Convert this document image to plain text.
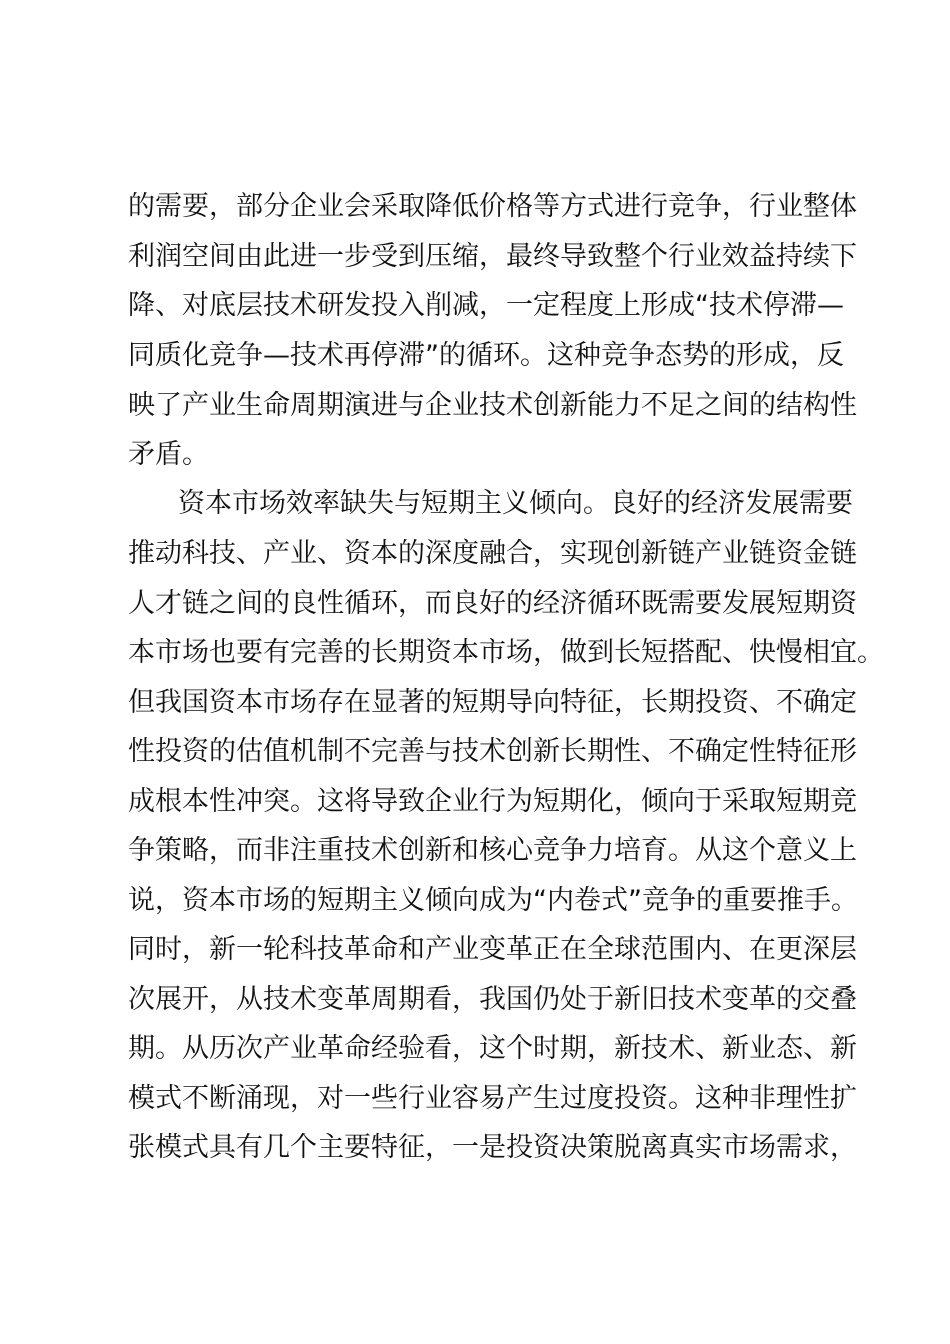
的需要，部分企业会采取降低价格等方式进行竞争，行业整体
利润空间由此进一步受到压缩，最终导致整个行业效益持续下
降、对底层技术研发投入削减，一定程度上形成“技术停滞—
同质化竞争—技术再停滞”的循环。这种竞争态势的形成，反
映了产业生命周期演进与企业技术创新能力不足之间的结构性
矛盾。
资本市场效率缺失与短期主义倾向。良好的经济发展需要
推动科技、产业、资本的深度融合，实现创新链产业链资金链
人才链之间的良性循环，而良好的经济循环既需要发展短期资
本市场也要有完善的长期资本市场，做到长短搭配、快慢相宜。
但我国资本市场存在显著的短期导向特征，长期投资、不确定
性投资的估值机制不完善与技术创新长期性、不确定性特征形
成根本性冲突。这将导致企业行为短期化，倾向于采取短期竞
争策略，而非注重技术创新和核心竞争力培育。从这个意义上
说，资本市场的短期主义倾向成为“内卷式”竞争的重要推手。
同时，新一轮科技革命和产业变革正在全球范围内、在更深层
次展开，从技术变革周期看，我国仍处于新旧技术变革的交叠
期。从历次产业革命经验看，这个时期，新技术、新业态、新
模式不断涌现，对一些行业容易产生过度投资。这种非理性扩
张模式具有几个主要特征，一是投资决策脱离真实市场需求，
